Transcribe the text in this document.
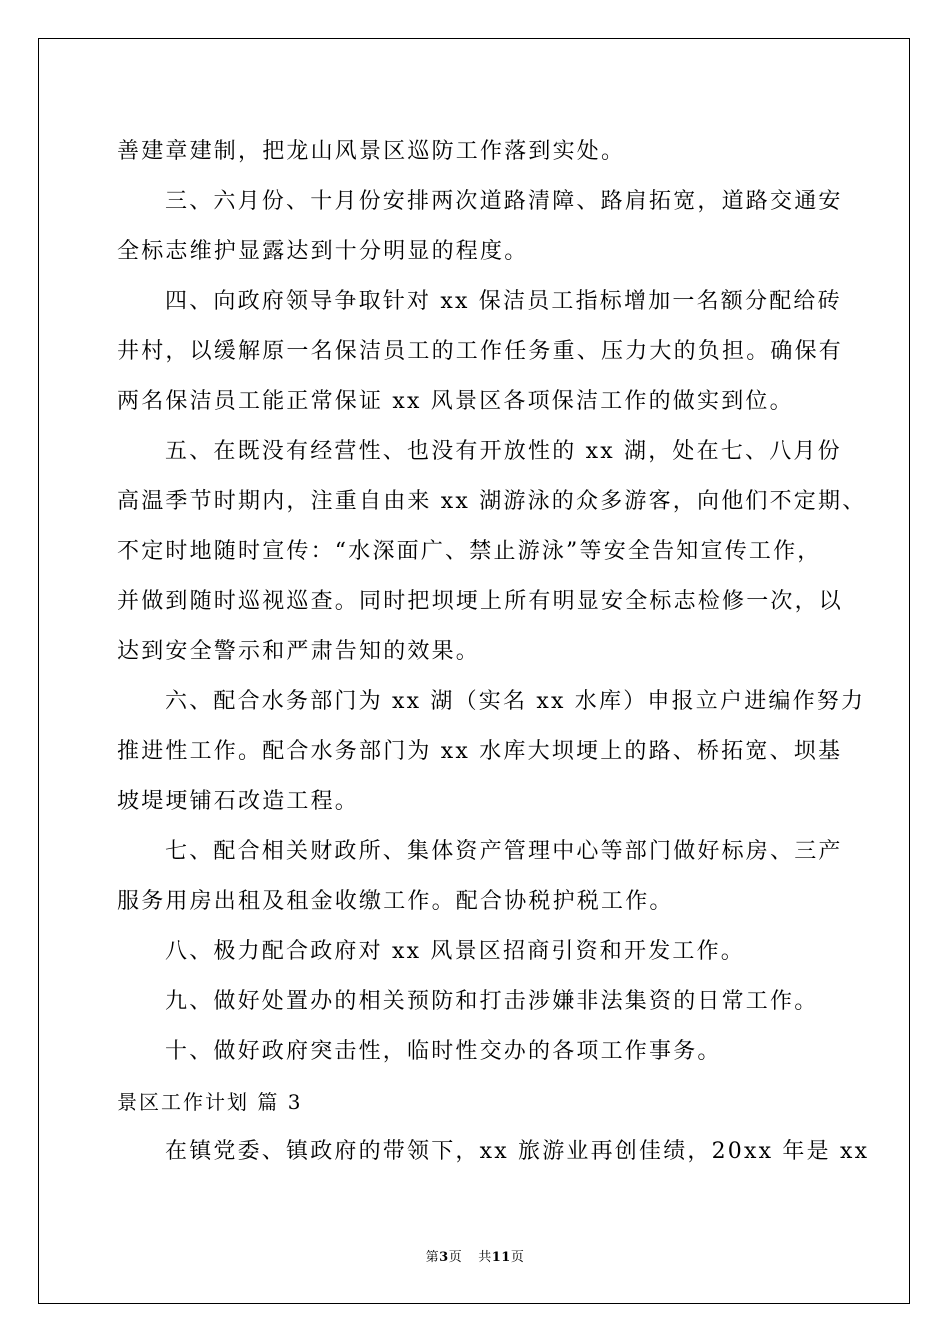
善建章建制，把龙山风景区巡防工作落到实处。
三、六月份、十月份安排两次道路清障、路肩拓宽，道路交通安
全标志维护显露达到十分明显的程度。
四、向政府领导争取针对 xx 保洁员工指标增加一名额分配给砖
井村，以缓解原一名保洁员工的工作任务重、压力大的负担。确保有
两名保洁员工能正常保证 xx 风景区各项保洁工作的做实到位。
五、在既没有经营性、也没有开放性的 xx 湖，处在七、八月份
高温季节时期内，注重自由来 xx 湖游泳的众多游客，向他们不定期、
不定时地随时宣传：“水深面广、禁止游泳”等安全告知宣传工作，
并做到随时巡视巡查。同时把坝埂上所有明显安全标志检修一次，以
达到安全警示和严肃告知的效果。
六、配合水务部门为 xx 湖（实名 xx 水库）申报立户进编作努力
推进性工作。配合水务部门为 xx 水库大坝埂上的路、桥拓宽、坝基
坡堤埂铺石改造工程。
七、配合相关财政所、集体资产管理中心等部门做好标房、三产
服务用房出租及租金收缴工作。配合协税护税工作。
八、极力配合政府对 xx 风景区招商引资和开发工作。
九、做好处置办的相关预防和打击涉嫌非法集资的日常工作。
十、做好政府突击性，临时性交办的各项工作事务。
景区工作计划 篇 3
在镇党委、镇政府的带领下，xx 旅游业再创佳绩，20xx 年是 xx
第3页 共11页
